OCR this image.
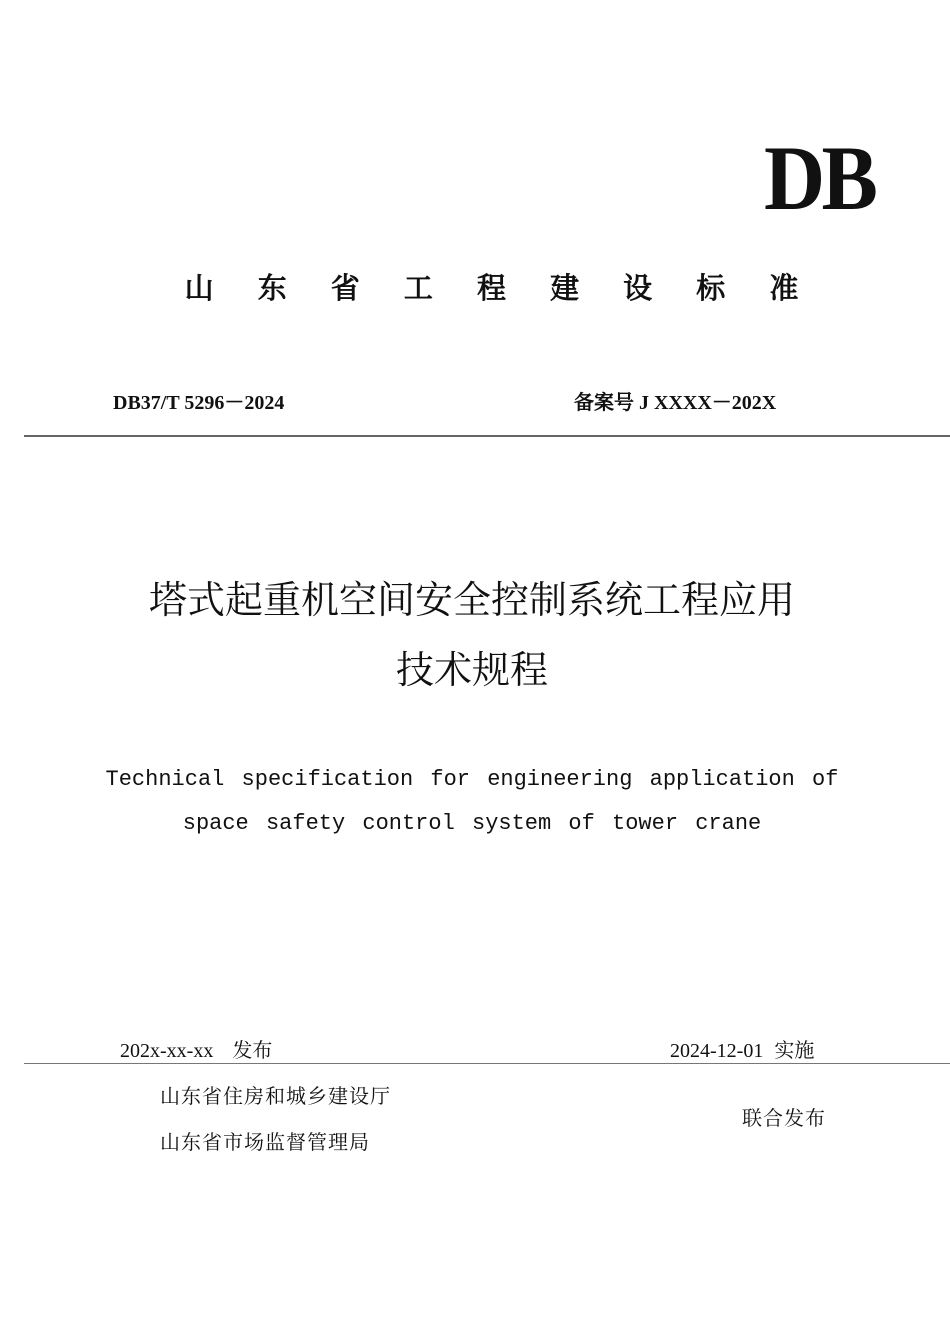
DB
山 东 省 工 程 建 设 标 准
DB37/T 5296－2024	备案号 J XXXX－202X
塔式起重机空间安全控制系统工程应用
技术规程
Technical specification for engineering application of
space safety control system of tower crane
202x-xx-xx 发布	2024-12-01 实施
山东省住房和城乡建设厅
山东省市场监督管理局
联合发布
